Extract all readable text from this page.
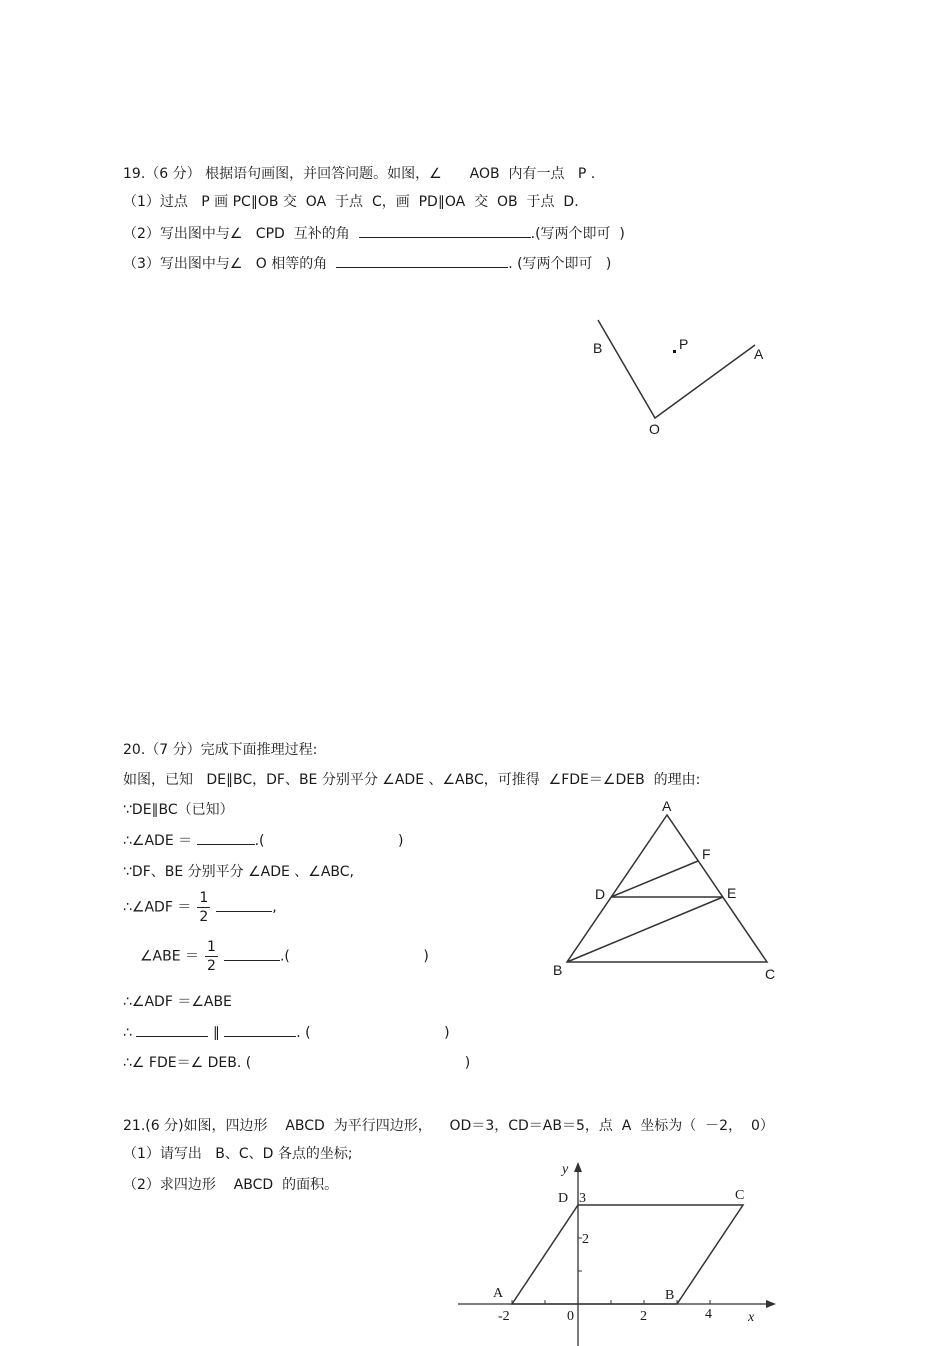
19.（6 分） 根据语句画图，并回答问题。如图，∠　　AOB  内有一点   P .
（1）过点   P 画 PC∥OB 交  OA  于点  C，画  PD∥OA  交  OB  于点  D.
（2）写出图中与∠   CPD  互补的角	.(写两个即可  )
（3）写出图中与∠   O 相等的角	. (写两个即可   )
B	P
A
O
20.（7 分）完成下面推理过程:
如图，已知   DE∥BC，DF、BE 分别平分 ∠ADE 、∠ABC，可推得  ∠FDE＝∠DEB  的理由:
∵DE∥BC（已知）
∴∠ADE ＝	.(                              )
∵DF、BE 分别平分 ∠ADE 、∠ABC,
∴∠ADF ＝ $\frac{1}{2}$	,
∠ABE ＝ $\frac{1}{2}$	.(                              )
∴∠ADF ＝∠ABE
∴	∥	. (                              )
∴∠ FDE＝∠ DEB. (                                                )
A
F
D	E
B	C
21.(6 分)如图，四边形    ABCD  为平行四边形，    OD＝3，CD＝AB＝5，点  A  坐标为（  －2，  0）
（1）请写出   B、C、D 各点的坐标;
（2）求四边形    ABCD  的面积。
y
x
D 3	C
2
A	B
-2	0	2	4
